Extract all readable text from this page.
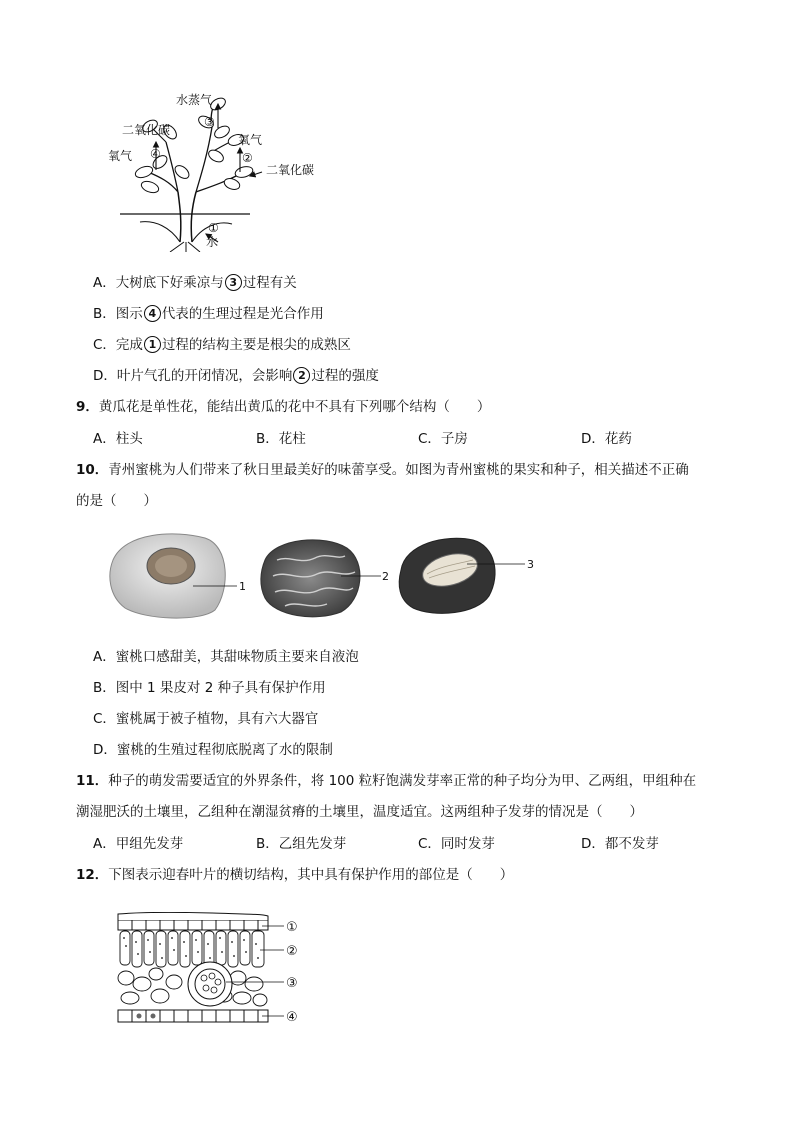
水蒸气
③
二氧化碳
氧气
④
氧气	②
二氧化碳
①
水
A．大树底下好乘凉与 3 过程有关
B．图示 4 代表的生理过程是光合作用
C．完成 1 过程的结构主要是根尖的成熟区
D．叶片气孔的开闭情况，会影响 2 过程的强度
9．黄瓜花是单性花，能结出黄瓜的花中不具有下列哪个结构（　　）
A．柱头	B．花柱	C．子房	D．花药
10．青州蜜桃为人们带来了秋日里最美好的味蕾享受。如图为青州蜜桃的果实和种子，相关描述不正确
的是（　　）
1
2
3
A．蜜桃口感甜美，其甜味物质主要来自液泡
B．图中 1 果皮对 2 种子具有保护作用
C．蜜桃属于被子植物，具有六大器官
D．蜜桃的生殖过程彻底脱离了水的限制
11．种子的萌发需要适宜的外界条件，将 100 粒籽饱满发芽率正常的种子均分为甲、乙两组，甲组种在
潮湿肥沃的土壤里，乙组种在潮湿贫瘠的土壤里，温度适宜。这两组种子发芽的情况是（　　）
A．甲组先发芽	B．乙组先发芽	C．同时发芽	D．都不发芽
12．下图表示迎春叶片的横切结构，其中具有保护作用的部位是（　　）
①
②
③
④
